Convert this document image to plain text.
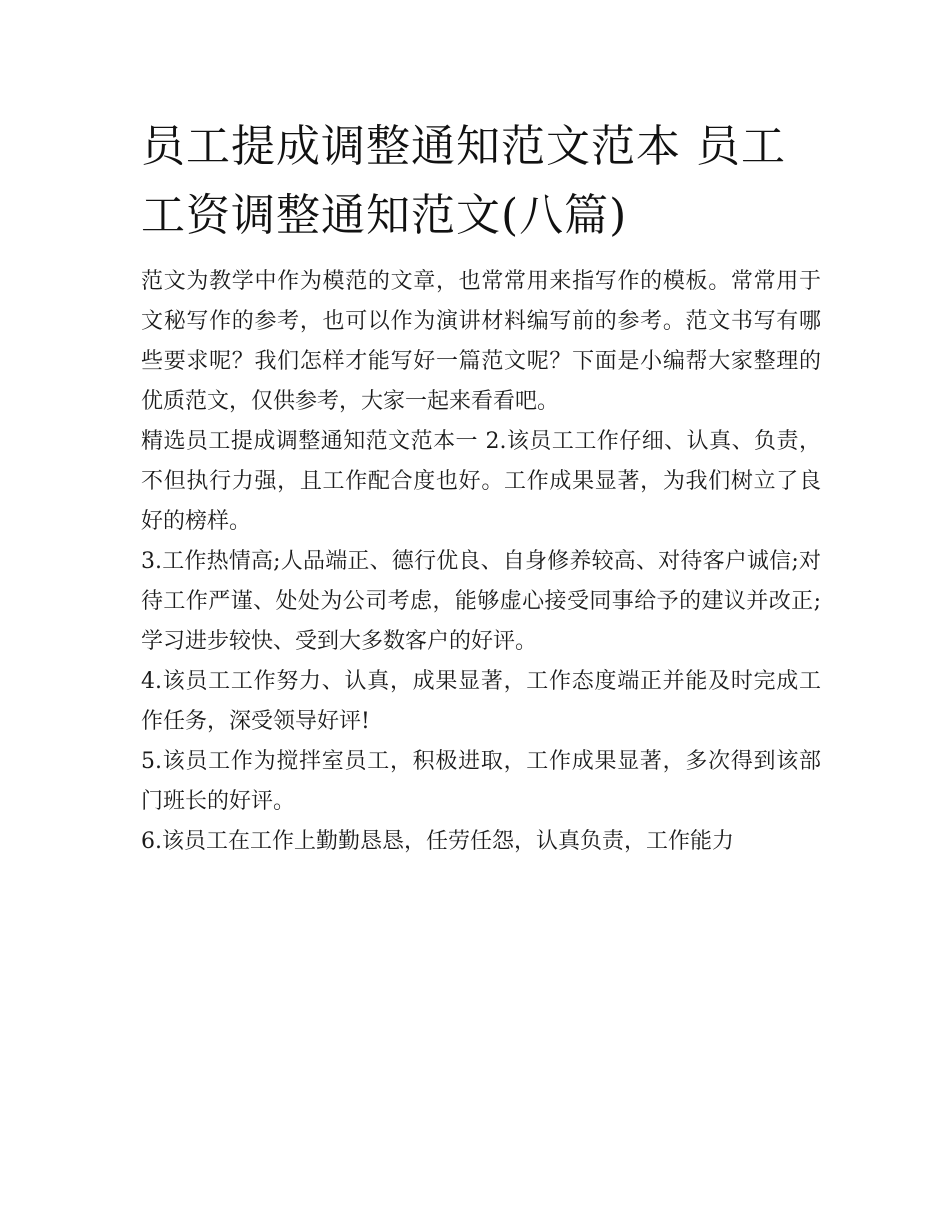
员工提成调整通知范文范本 员工工资调整通知范文(八篇)

范文为教学中作为模范的文章，也常常用来指写作的模板。常常用于文秘写作的参考，也可以作为演讲材料编写前的参考。范文书写有哪些要求呢？我们怎样才能写好一篇范文呢？下面是小编帮大家整理的优质范文，仅供参考，大家一起来看看吧。

精选员工提成调整通知范文范本一 2.该员工工作仔细、认真、负责，不但执行力强，且工作配合度也好。工作成果显著，为我们树立了良好的榜样。

3.工作热情高;人品端正、德行优良、自身修养较高、对待客户诚信;对待工作严谨、处处为公司考虑，能够虚心接受同事给予的建议并改正;学习进步较快、受到大多数客户的好评。

4.该员工工作努力、认真，成果显著，工作态度端正并能及时完成工作任务，深受领导好评!

5.该员工作为搅拌室员工，积极进取，工作成果显著，多次得到该部门班长的好评。

6.该员工在工作上勤勤恳恳，任劳任怨，认真负责，工作能力
